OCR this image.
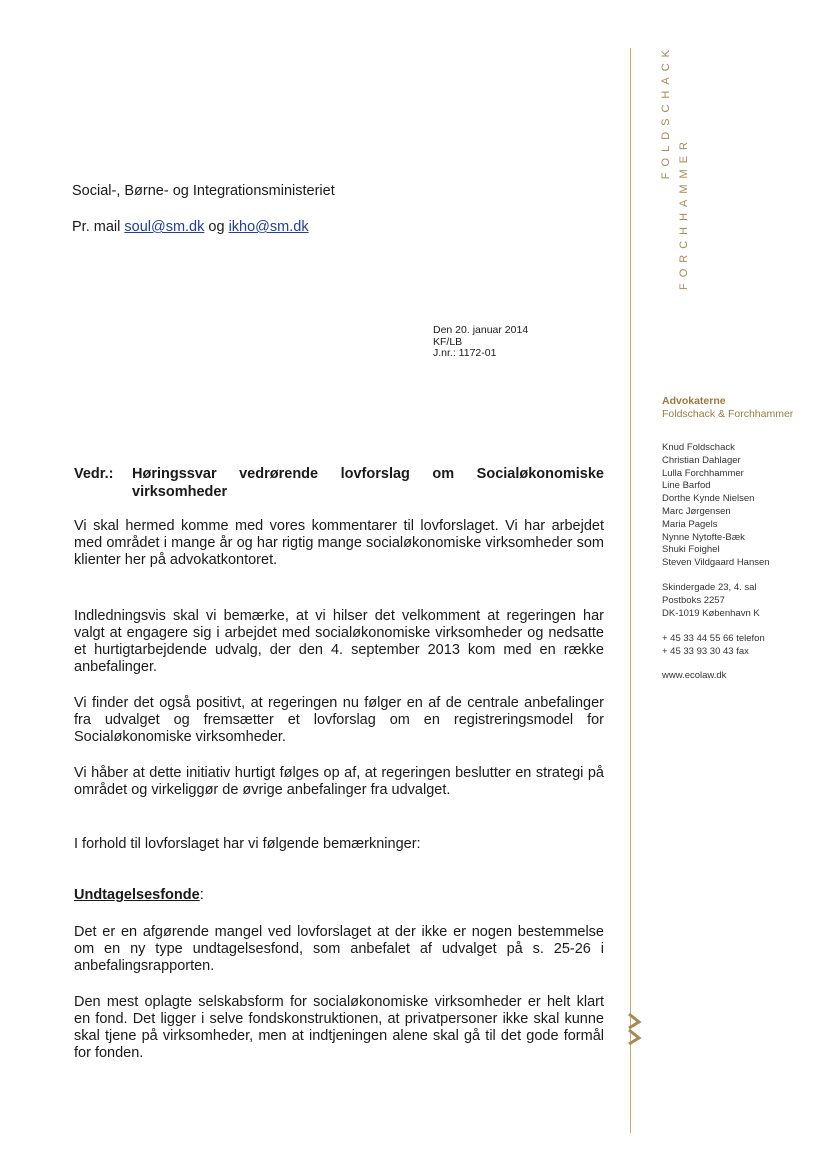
Social-, Børne- og Integrationsministeriet
Pr. mail soul@sm.dk og ikho@sm.dk
Den 20. januar 2014
KF/LB
J.nr.: 1172-01
Vedr.: Høringssvar vedrørende lovforslag om Socialøkonomiske
virksomheder
Vi skal hermed komme med vores kommentarer til lovforslaget. Vi har arbejdet med området i mange år og har rigtig mange socialøkonomiske virksomheder som klienter her på advokatkontoret.
Indledningsvis skal vi bemærke, at vi hilser det velkomment at regeringen har valgt at engagere sig i arbejdet med socialøkonomiske virksomheder og nedsatte et hurtigtarbejdende udvalg, der den 4. september 2013 kom med en række anbefalinger.
Vi finder det også positivt, at regeringen nu følger en af de centrale anbefalinger fra udvalget og fremsætter et lovforslag om en registreringsmodel for Socialøkonomiske virksomheder.
Vi håber at dette initiativ hurtigt følges op af, at regeringen beslutter en strategi på området og virkeliggør de øvrige anbefalinger fra udvalget.
I forhold til lovforslaget har vi følgende bemærkninger:
Undtagelsesfonde:
Det er en afgørende mangel ved lovforslaget at der ikke er nogen bestemmelse om en ny type undtagelsesfond, som anbefalet af udvalget på s. 25-26 i anbefalingsrapporten.
Den mest oplagte selskabsform for socialøkonomiske virksomheder er helt klart en fond. Det ligger i selve fondskonstruktionen, at privatpersoner ikke skal kunne skal tjene på virksomheder, men at indtjeningen alene skal gå til det gode formål for fonden.
FOLDSCHACK
FORCHHAMMER
Advokaterne
Foldschack & Forchhammer
Knud Foldschack
Christian Dahlager
Lulla Forchhammer
Line Barfod
Dorthe Kynde Nielsen
Marc Jørgensen
Maria Pagels
Nynne Nytofte-Bæk
Shuki Foighel
Steven Vildgaard Hansen
Skindergade 23, 4. sal
Postboks 2257
DK-1019 København K
+ 45 33 44 55 66 telefon
+ 45 33 93 30 43 fax
www.ecolaw.dk
